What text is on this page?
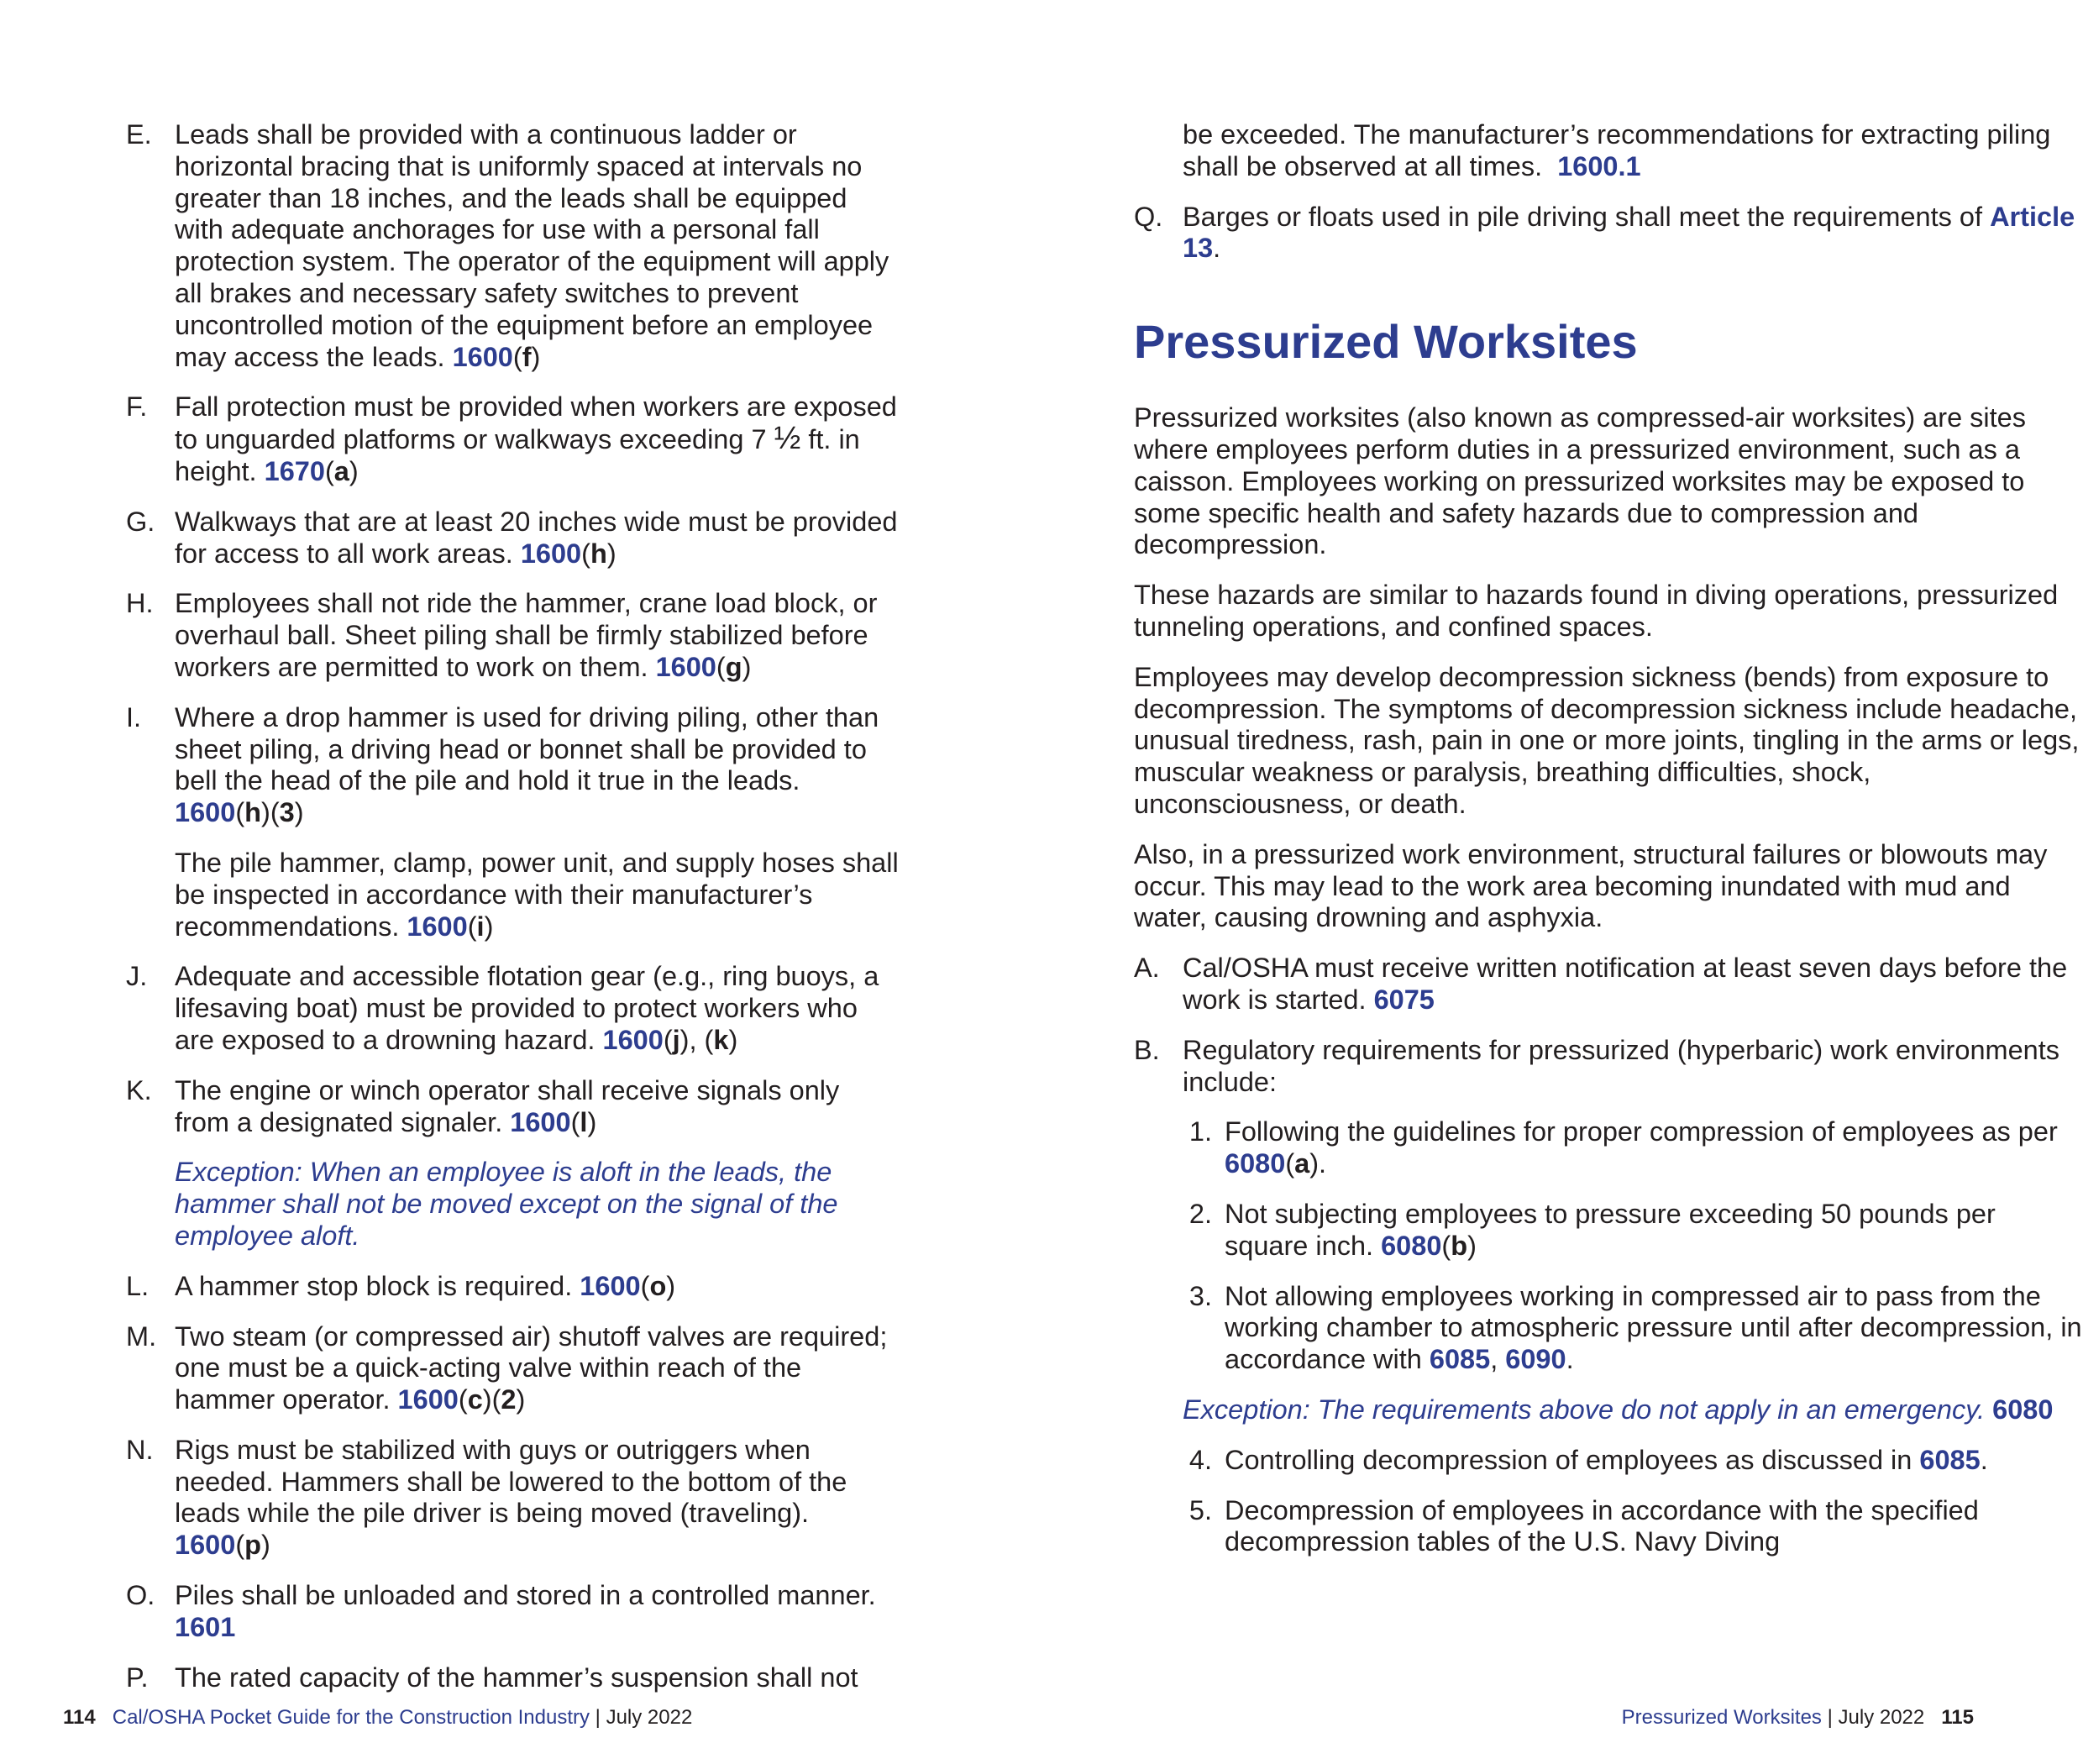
E. Leads shall be provided with a continuous ladder or horizontal bracing that is uniformly spaced at intervals no greater than 18 inches, and the leads shall be equipped with adequate anchorages for use with a personal fall protection system. The operator of the equipment will apply all brakes and necessary safety switches to prevent uncontrolled motion of the equipment before an employee may access the leads. 1600(f)
F.	Fall protection must be provided when workers are exposed to unguarded platforms or walkways exceeding 7 ½ ft. in height. 1670(a)
G. Walkways that are at least 20 inches wide must be provided for access to all work areas. 1600(h)
H. Employees shall not ride the hammer, crane load block, or overhaul ball. Sheet piling shall be firmly stabilized before workers are permitted to work on them. 1600(g)
I.	Where a drop hammer is used for driving piling, other than sheet piling, a driving head or bonnet shall be provided to bell the head of the pile and hold it true in the leads. 1600(h)(3)
The pile hammer, clamp, power unit, and supply hoses shall be inspected in accordance with their manufacturer’s recommendations. 1600(i)
J.	Adequate and accessible flotation gear (e.g., ring buoys, a lifesaving boat) must be provided to protect workers who are exposed to a drowning hazard. 1600(j), (k)
K. The engine or winch operator shall receive signals only from a designated signaler. 1600(l)
Exception: When an employee is aloft in the leads, the hammer shall not be moved except on the signal of the employee aloft.
L. A hammer stop block is required. 1600(o)
M. Two steam (or compressed air) shutoff valves are required; one must be a quick-acting valve within reach of the hammer operator. 1600(c)(2)
N. Rigs must be stabilized with guys or outriggers when needed. Hammers shall be lowered to the bottom of the leads while the pile driver is being moved (traveling). 1600(p)
O. Piles shall be unloaded and stored in a controlled manner.
1601
P. The rated capacity of the hammer’s suspension shall not
114 Cal/OSHA Pocket Guide for the Construction Industry | July 2022
be exceeded. The manufacturer’s recommendations for extracting piling shall be observed at all times. 1600.1
Q. Barges or floats used in pile driving shall meet the requirements of Article 13.
Pressurized Worksites
Pressurized worksites (also known as compressed-air worksites) are sites where employees perform duties in a pressurized environment, such as a caisson. Employees working on pressurized worksites may be exposed to some specific health and safety hazards due to compression and decompression.
These hazards are similar to hazards found in diving operations, pressurized tunneling operations, and confined spaces.
Employees may develop decompression sickness (bends) from exposure to decompression. The symptoms of decompression sickness include headache, unusual tiredness, rash, pain in one or more joints, tingling in the arms or legs, muscular weakness or paralysis, breathing difficulties, shock, unconsciousness, or death.
Also, in a pressurized work environment, structural failures or blowouts may occur. This may lead to the work area becoming inundated with mud and water, causing drowning and asphyxia.
A. Cal/OSHA must receive written notification at least seven days before the work is started. 6075
B. Regulatory requirements for pressurized (hyperbaric) work environments include:
1. Following the guidelines for proper compression of employees as per 6080(a).
2. Not subjecting employees to pressure exceeding 50 pounds per square inch. 6080(b)
3. Not allowing employees working in compressed air to pass from the working chamber to atmospheric pressure until after decompression, in accordance with 6085, 6090.
Exception: The requirements above do not apply in an emergency. 6080
4. Controlling decompression of employees as discussed in 6085.
5. Decompression of employees in accordance with the specified decompression tables of the U.S. Navy Diving
Pressurized Worksites | July 2022 115
